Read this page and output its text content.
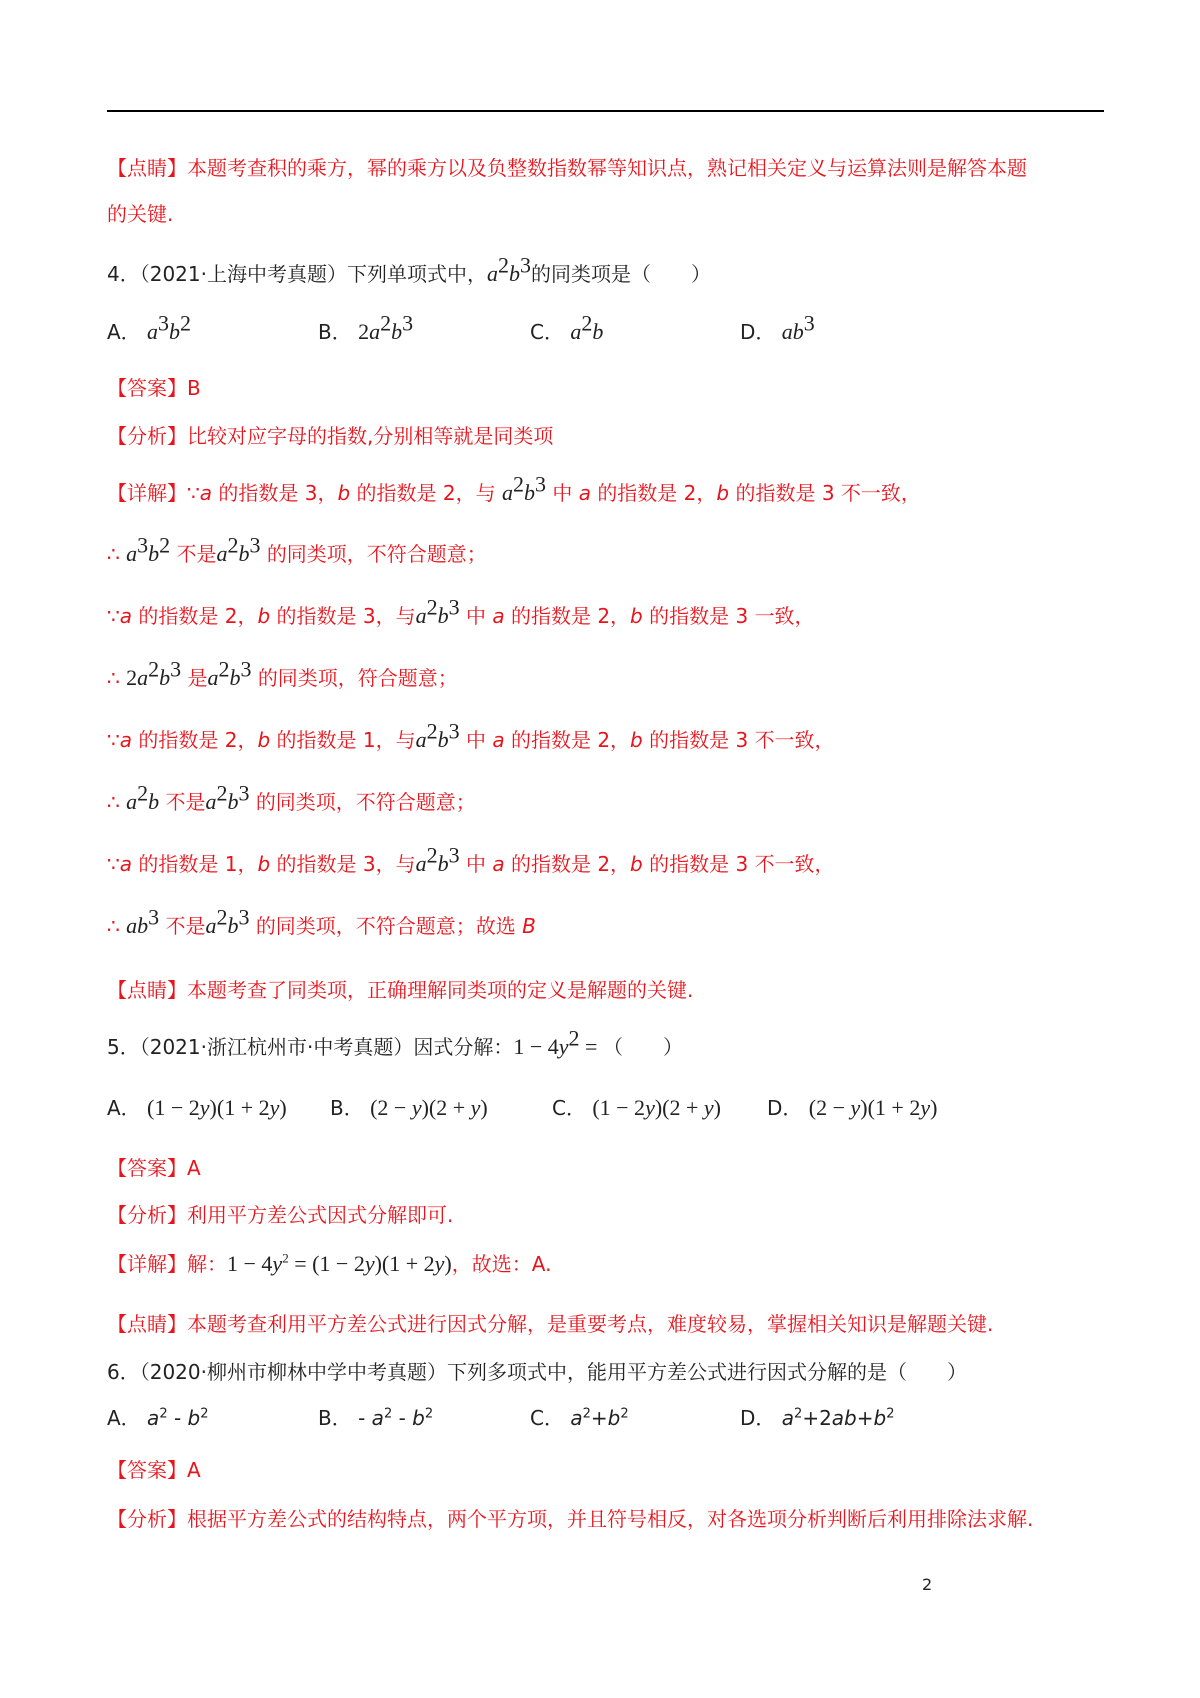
【点睛】本题考查积的乘方，幂的乘方以及负整数指数幂等知识点，熟记相关定义与运算法则是解答本题
的关键.
4．（2021·上海中考真题）下列单项式中，$a^2b^3$的同类项是（　　）
A． $a^3b^2$	B． $2a^2b^3$	C． $a^2b$	D． $ab^3$
【答案】B
【分析】比较对应字母的指数,分别相等就是同类项
【详解】∵a 的指数是 3，b 的指数是 2，与 $a^2b^3$ 中 a 的指数是 2，b 的指数是 3 不一致，
∴ $a^3b^2$ 不是$a^2b^3$ 的同类项，不符合题意；
∵a 的指数是 2，b 的指数是 3，与$a^2b^3$ 中 a 的指数是 2，b 的指数是 3 一致，
∴ $2a^2b^3$ 是$a^2b^3$ 的同类项，符合题意；
∵a 的指数是 2，b 的指数是 1，与$a^2b^3$ 中 a 的指数是 2，b 的指数是 3 不一致，
∴ $a^2b$ 不是$a^2b^3$ 的同类项，不符合题意；
∵a 的指数是 1，b 的指数是 3，与$a^2b^3$ 中 a 的指数是 2，b 的指数是 3 不一致，
∴ $ab^3$ 不是$a^2b^3$ 的同类项，不符合题意；故选 B
【点睛】本题考查了同类项，正确理解同类项的定义是解题的关键.
5．（2021·浙江杭州市·中考真题）因式分解：$1 - 4y^2$ = （　　）
A． (1 − 2y)(1 + 2y) B． (2 − y)(2 + y)	C． (1 − 2y)(2 + y) D． (2 − y)(1 + 2y)
【答案】A
【分析】利用平方差公式因式分解即可.
【详解】解：$1 - 4y^2 = (1 - 2y)(1 + 2y)$，故选：A.
【点睛】本题考查利用平方差公式进行因式分解，是重要考点，难度较易，掌握相关知识是解题关键.
6．（2020·柳州市柳林中学中考真题）下列多项式中，能用平方差公式进行因式分解的是（　　）
A． $a^2 - b^2$	B． - $a^2 - b^2$	C． $a^2+b^2$	D． $a^2+2ab+b^2$
【答案】A
【分析】根据平方差公式的结构特点，两个平方项，并且符号相反，对各选项分析判断后利用排除法求解.
2
